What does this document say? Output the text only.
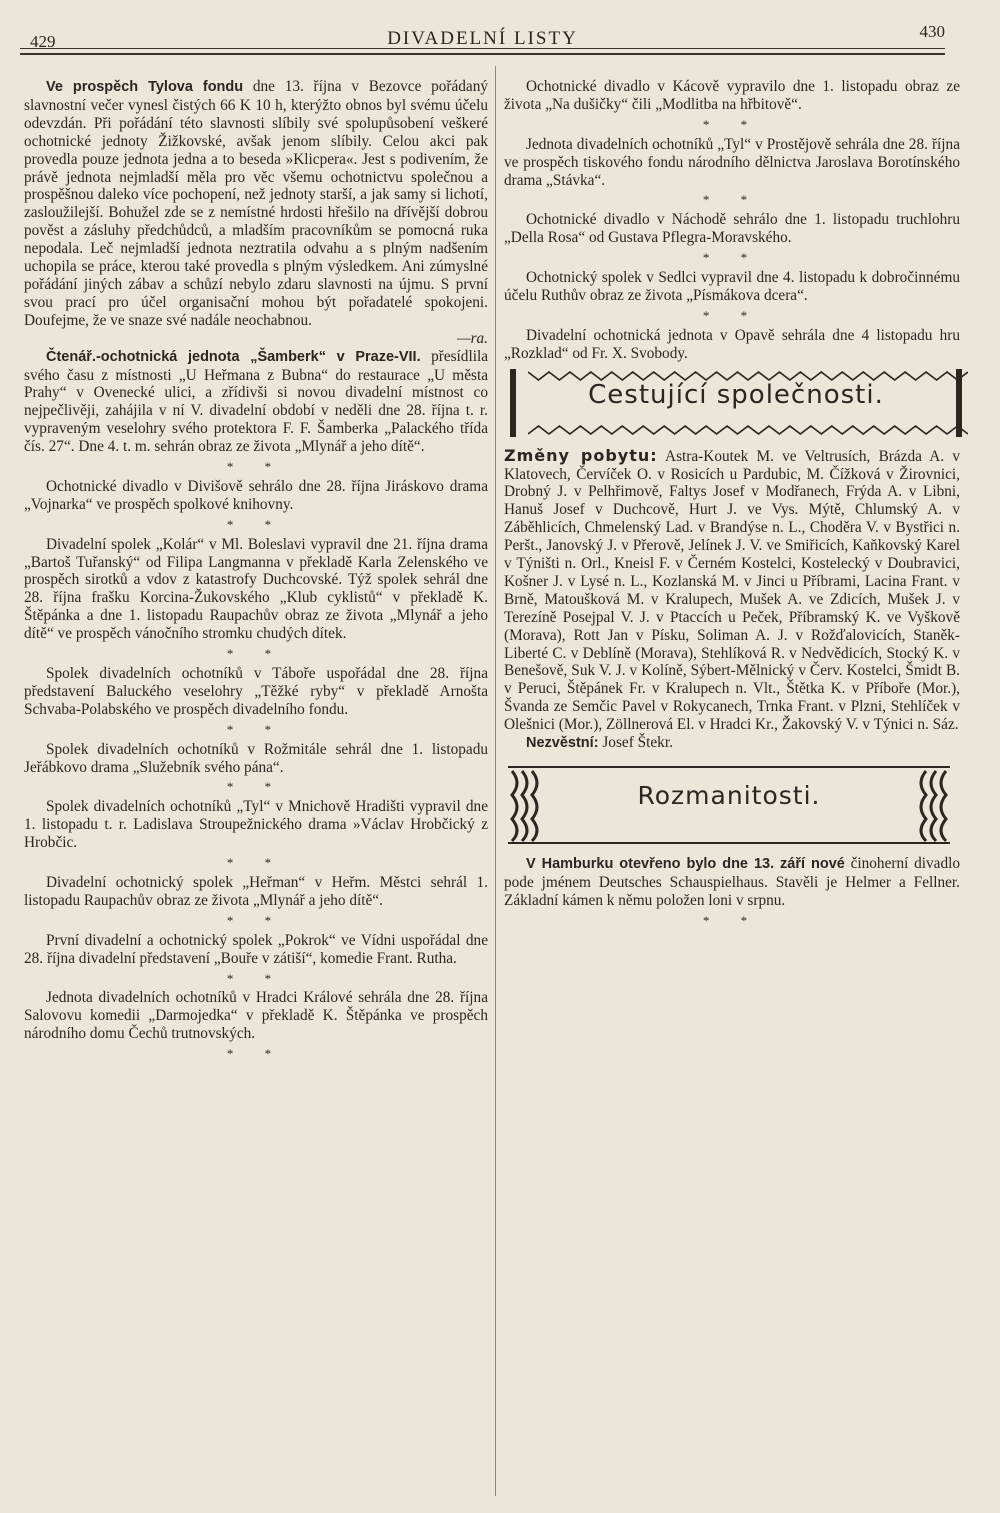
429	DIVADELNÍ LISTY	430

Ve prospěch Tylova fondu dne 13. října v Bezovce pořádaný slavnostní večer vynesl čistých 66 K 10 h, kterýžto obnos byl svému účelu odevzdán. Při pořádání této slavnosti slíbily své spolupůsobení veškeré ochotnické jednoty Žižkovské, avšak jenom slíbily. Celou akci pak provedla pouze jednota jedna a to beseda »Klicpera«. Jest s podivením, že právě jednota nejmladší měla pro věc všemu ochotnictvu společnou a prospěšnou daleko více pochopení, než jednoty starší, a jak samy si lichotí, zasloužilejší. Bohužel zde se z nemístné hrdosti hřešilo na dřívější dobrou pověst a zásluhy předchůdců, a mladším pracovníkům se pomocná ruka nepodala. Leč nejmladší jednota neztratila odvahu a s plným nadšením uchopila se práce, kterou také provedla s plným výsledkem. Ani zúmyslné pořádání jiných zábav a schůzí nebylo zdaru slavnosti na újmu. S první svou prací pro účel organisační mohou být pořadatelé spokojeni. Doufejme, že ve snaze své nadále neochabnou.

—ra.

Čtenář.-ochotnická jednota „Šamberk“ v Praze-VII. přesídlila svého času z místnosti „U Heřmana z Bubna“ do restaurace „U města Prahy“ v Ovenecké ulici, a zřídivši si novou divadelní místnost co nejpečlivěji, zahájila v ní V. divadelní období v neděli dne 28. října t. r. vypraveným veselohry svého protektora F. F. Šamberka „Palackého třída čís. 27“. Dne 4. t. m. sehrán obraz ze života „Mlynář a jeho dítě“.

* *

Ochotnické divadlo v Divišově sehrálo dne 28. října Jiráskovo drama „Vojnarka“ ve prospěch spolkové knihovny.

* *

Divadelní spolek „Kolár“ v Ml. Boleslavi vypravil dne 21. října drama „Bartoš Tuřanský“ od Filipa Langmanna v překladě Karla Zelenského ve prospěch sirotků a vdov z katastrofy Duchcovské. Týž spolek sehrál dne 28. října frašku Korcina-Žukovského „Klub cyklistů“ v překladě K. Štěpánka a dne 1. listopadu Raupachův obraz ze života „Mlynář a jeho dítě“ ve prospěch vánočního stromku chudých dítek.

* *

Spolek divadelních ochotníků v Táboře uspořádal dne 28. října představení Baluckého veselohry „Těžké ryby“ v překladě Arnošta Schvaba-Polabského ve prospěch divadelního fondu.

* *

Spolek divadelních ochotníků v Rožmitále sehrál dne 1. listopadu Jeřábkovo drama „Služebník svého pána“.

* *

Spolek divadelních ochotníků „Tyl“ v Mnichově Hradišti vypravil dne 1. listopadu t. r. Ladislava Stroupežnického drama »Václav Hrobčický z Hrobčic.

* *

Divadelní ochotnický spolek „Heřman“ v Heřm. Městci sehrál 1. listopadu Raupachův obraz ze života „Mlynář a jeho dítě“.

* *

První divadelní a ochotnický spolek „Pokrok“ ve Vídni uspořádal dne 28. října divadelní představení „Bouře v zátiší“, komedie Frant. Rutha.

* *

Jednota divadelních ochotníků v Hradci Králové sehrála dne 28. října Salovovu komedii „Darmojedka“ v překladě K. Štěpánka ve prospěch národního domu Čechů trutnovských.

* *

Ochotnické divadlo v Kácově vypravilo dne 1. listopadu obraz ze života „Na dušičky“ čili „Modlitba na hřbitově“.

* *

Jednota divadelních ochotníků „Tyl“ v Prostějově sehrála dne 28. října ve prospěch tiskového fondu národního dělnictva Jaroslava Borotínského drama „Stávka“.

* *

Ochotnické divadlo v Náchodě sehrálo dne 1. listopadu truchlohru „Della Rosa“ od Gustava Pflegra-Moravského.

* *

Ochotnický spolek v Sedlci vypravil dne 4. listopadu k dobročinnému účelu Ruthův obraz ze života „Písmákova dcera“.

* *

Divadelní ochotnická jednota v Opavě sehrála dne 4 listopadu hru „Rozklad“ od Fr. X. Svobody.

Cestující společnosti.

Změny pobytu: Astra-Koutek M. ve Veltrusích, Brázda A. v Klatovech, Červíček O. v Rosicích u Pardubic, M. Čížková v Žirovnici, Drobný J. v Pelhřimově, Faltys Josef v Modřanech, Frýda A. v Libni, Hanuš Josef v Duchcově, Hurt J. ve Vys. Mýtě, Chlumský A. v Záběhlicích, Chmelenský Lad. v Brandýse n. L., Choděra V. v Bystřici n. Peršt., Janovský J. v Přerově, Jelínek J. V. ve Smiřicích, Kaňkovský Karel v Týništi n. Orl., Kneisl F. v Černém Kostelci, Kostelecký v Doubravici, Košner J. v Lysé n. L., Kozlanská M. v Jinci u Příbrami, Lacina Frant. v Brně, Matoušková M. v Kralupech, Mušek A. ve Zdicích, Mušek J. v Terezíně Posejpal V. J. v Ptaccích u Peček, Příbramský K. ve Vyškově (Morava), Rott Jan v Písku, Soliman A. J. v Rožďalovicích, Staněk-Liberté C. v Deblíně (Morava), Stehlíková R. v Nedvědicích, Stocký K. v Benešově, Suk V. J. v Kolíně, Sýbert-Mělnický v Červ. Kostelci, Šmidt B. v Peruci, Štěpánek Fr. v Kralupech n. Vlt., Štětka K. v Příboře (Mor.), Švanda ze Semčic Pavel v Rokycanech, Trnka Frant. v Plzni, Stehlíček v Olešnici (Mor.), Zöllnerová El. v Hradci Kr., Žakovský V. v Týnici n. Sáz.

Nezvěstní: Josef Štekr.

Rozmanitosti.

V Hamburku otevřeno bylo dne 13. září nové činoherní divadlo pode jménem Deutsches Schauspielhaus. Stavěli je Helmer a Fellner. Základní kámen k němu položen loni v srpnu.

* *
